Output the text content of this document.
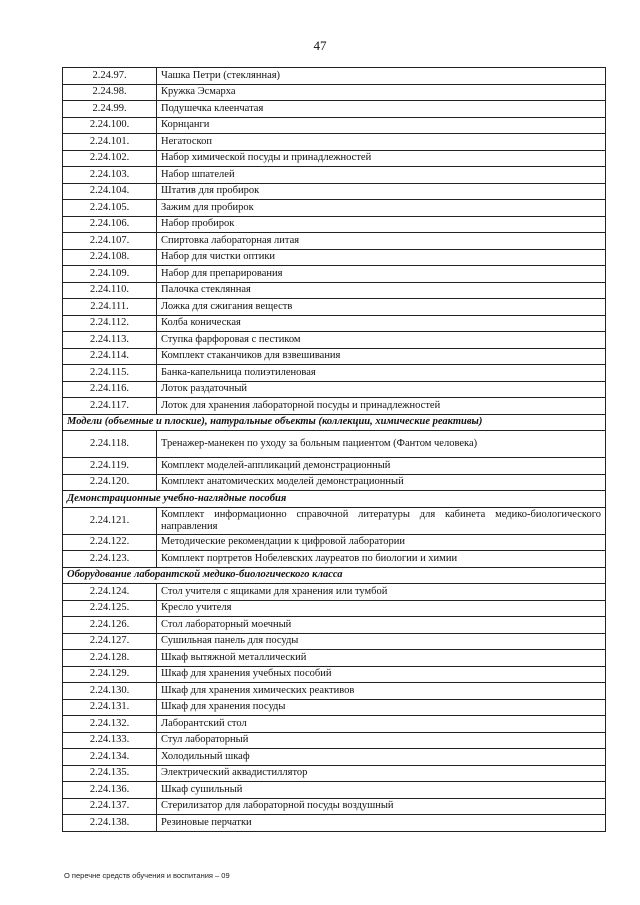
47
2.24.97.	Чашка Петри (стеклянная)
2.24.98.	Кружка Эсмарха
2.24.99.	Подушечка клеенчатая
2.24.100.	Корнцанги
2.24.101.	Негатоскоп
2.24.102.	Набор химической посуды и принадлежностей
2.24.103.	Набор шпателей
2.24.104.	Штатив для пробирок
2.24.105.	Зажим для пробирок
2.24.106.	Набор пробирок
2.24.107.	Спиртовка лабораторная литая
2.24.108.	Набор для чистки оптики
2.24.109.	Набор для препарирования
2.24.110.	Палочка стеклянная
2.24.111.	Ложка для сжигания веществ
2.24.112.	Колба коническая
2.24.113.	Ступка фарфоровая с пестиком
2.24.114.	Комплект стаканчиков для взвешивания
2.24.115.	Банка-капельница полиэтиленовая
2.24.116.	Лоток раздаточный
2.24.117.	Лоток для хранения лабораторной посуды и принадлежностей
Модели (объемные и плоские), натуральные объекты (коллекции, химические реактивы)	
2.24.118.	Тренажер-манекен по уходу за больным пациентом (Фантом человека)
2.24.119.	Комплект моделей-аппликаций демонстрационный
2.24.120.	Комплект анатомических моделей демонстрационный
Демонстрационные учебно-наглядные пособия	
2.24.121.	Комплект информационно справочной литературы для кабинета медико-биологического направления
2.24.122.	Методические рекомендации к цифровой лаборатории
2.24.123.	Комплект портретов Нобелевских лауреатов по биологии и химии
Оборудование лаборантской медико-биологического класса	
2.24.124.	Стол учителя с ящиками для хранения или тумбой
2.24.125.	Кресло учителя
2.24.126.	Стол лабораторный моечный
2.24.127.	Сушильная панель для посуды
2.24.128.	Шкаф вытяжной металлический
2.24.129.	Шкаф для хранения учебных пособий
2.24.130.	Шкаф для хранения химических реактивов
2.24.131.	Шкаф для хранения посуды
2.24.132.	Лаборантский стол
2.24.133.	Стул лабораторный
2.24.134.	Холодильный шкаф
2.24.135.	Электрический аквадистиллятор
2.24.136.	Шкаф сушильный
2.24.137.	Стерилизатор для лабораторной посуды воздушный
2.24.138.	Резиновые перчатки
О перечне средств обучения и воспитания – 09
